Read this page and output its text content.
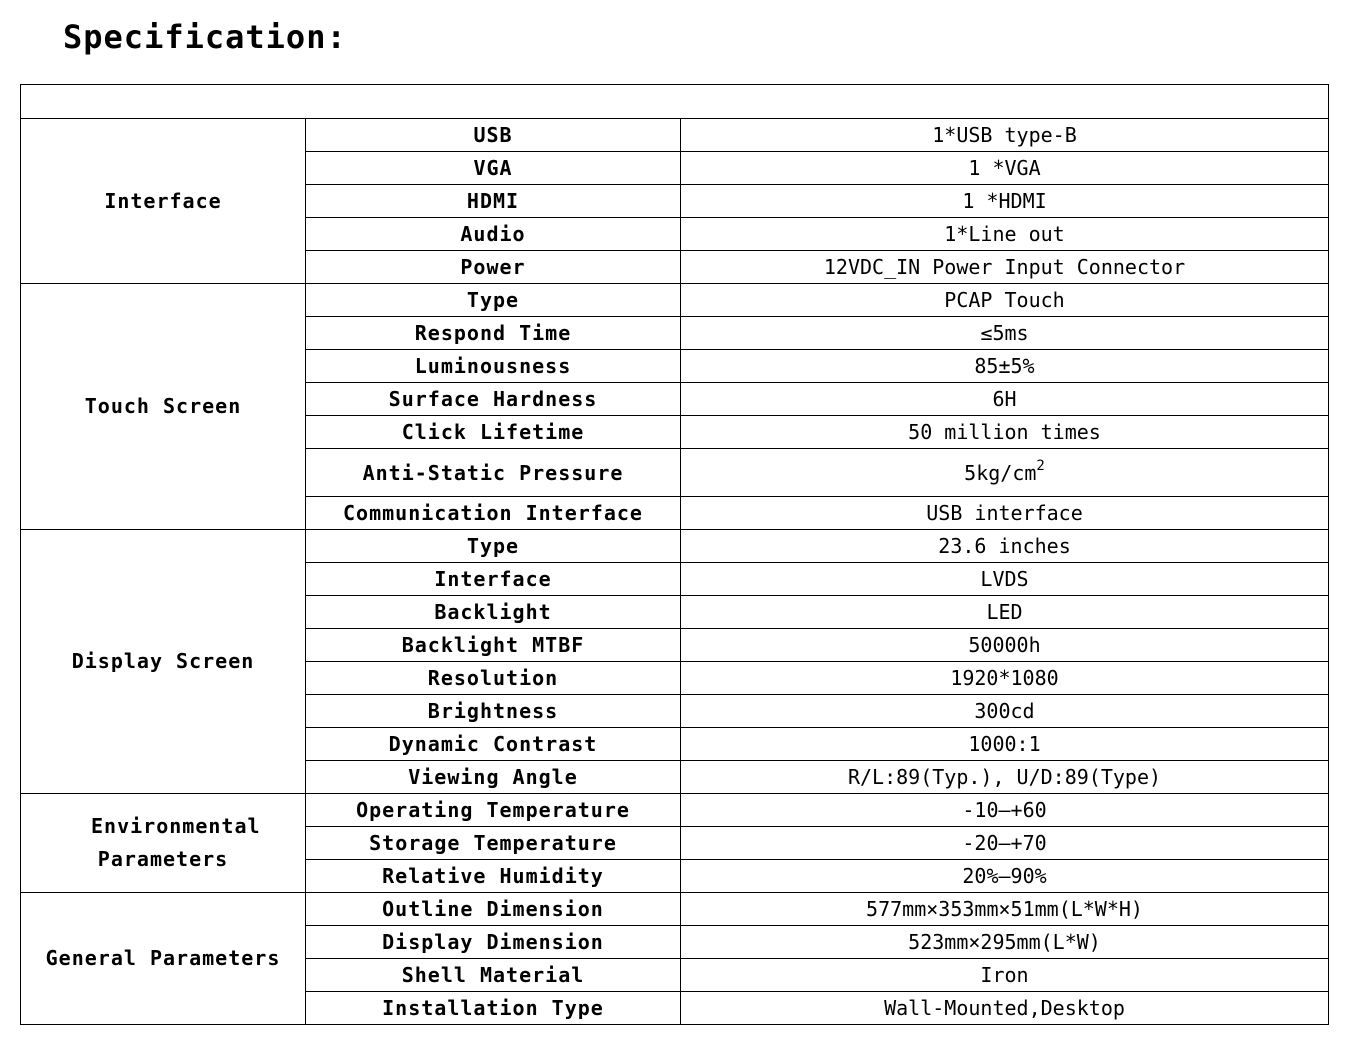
Specification:

Interface	USB	1*USB type-B
	VGA	1 *VGA
	HDMI	1 *HDMI
	Audio	1*Line out
	Power	12VDC_IN Power Input Connector
Touch Screen	Type	PCAP Touch
	Respond Time	≤5ms
	Luminousness	85±5%
	Surface Hardness	6H
	Click Lifetime	50 million times
	Anti-Static Pressure	$5kg/cm^2$
	Communication Interface	USB interface
Display Screen	Type	23.6 inches
	Interface	LVDS
	Backlight	LED
	Backlight MTBF	50000h
	Resolution	1920*1080
	Brightness	300cd
	Dynamic Contrast	1000:1
	Viewing Angle	R/L:89(Typ.), U/D:89(Type)
Environmental Parameters	Operating Temperature	-10—+60
	Storage Temperature	-20—+70
	Relative Humidity	20%—90%
General Parameters	Outline Dimension	577mm×353mm×51mm(L*W*H)
	Display Dimension	523mm×295mm(L*W)
	Shell Material	Iron
	Installation Type	Wall-Mounted,Desktop
